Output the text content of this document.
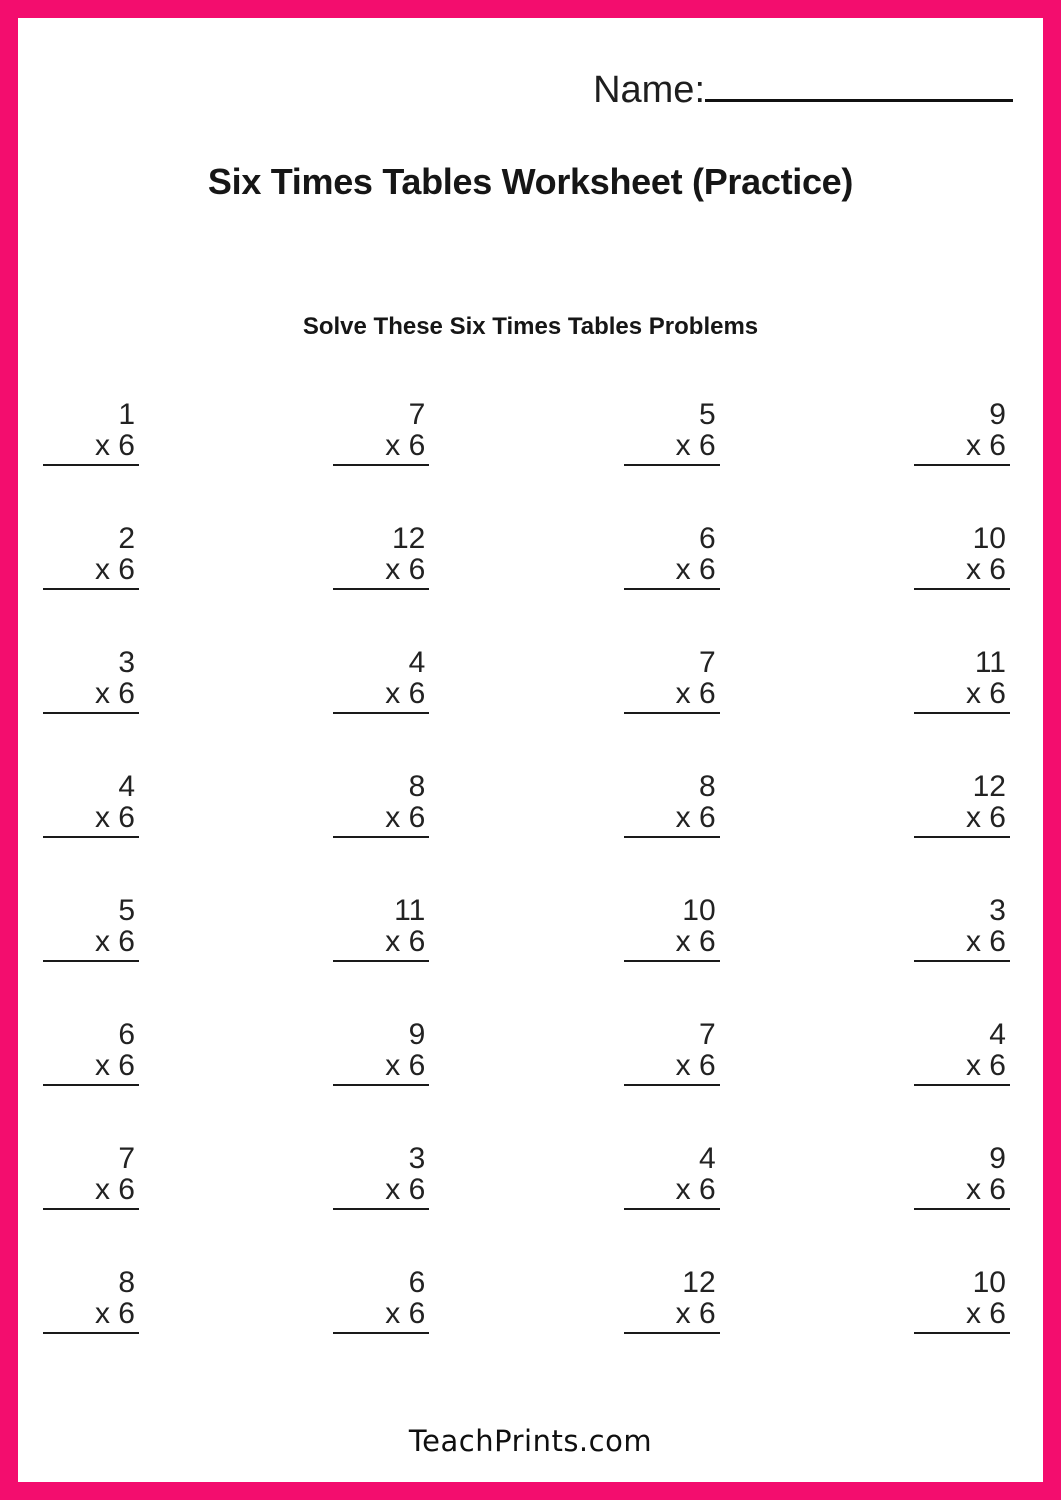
Name:
Six Times Tables Worksheet (Practice)
Solve These Six Times Tables Problems
1
x 6
7
x 6
5
x 6
9
x 6
2
x 6
12
x 6
6
x 6
10
x 6
3
x 6
4
x 6
7
x 6
11
x 6
4
x 6
8
x 6
8
x 6
12
x 6
5
x 6
11
x 6
10
x 6
3
x 6
6
x 6
9
x 6
7
x 6
4
x 6
7
x 6
3
x 6
4
x 6
9
x 6
8
x 6
6
x 6
12
x 6
10
x 6
TeachPrints.com
